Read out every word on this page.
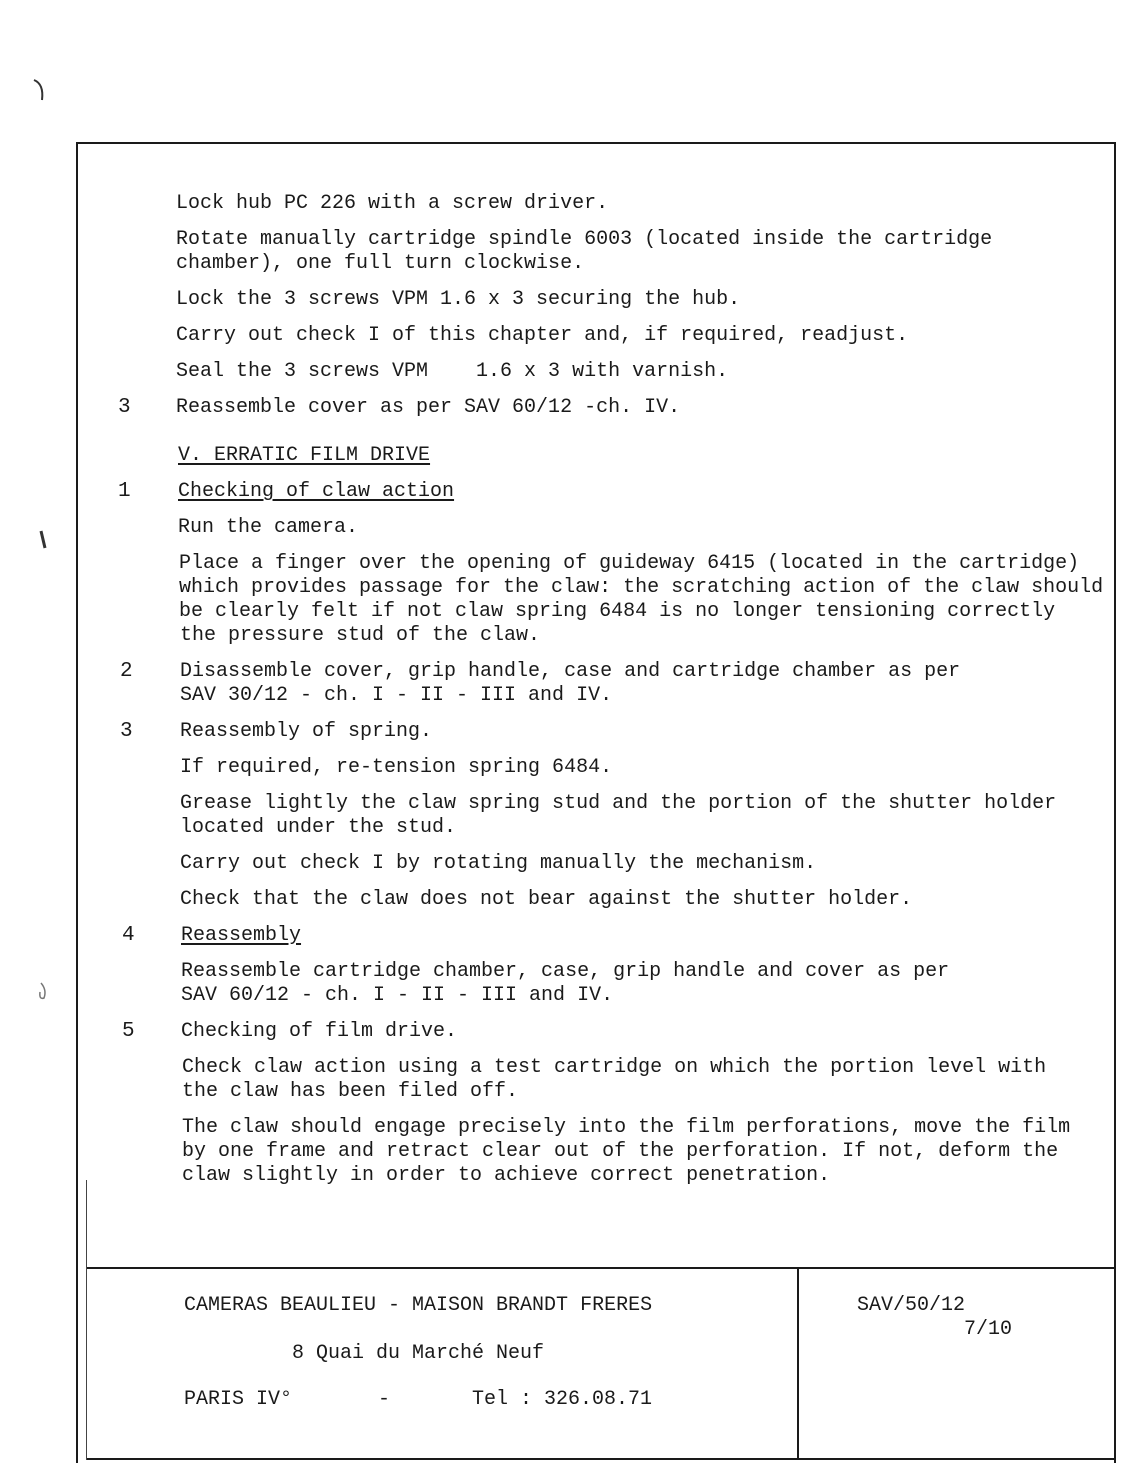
Lock hub PC 226 with a screw driver.
Rotate manually cartridge spindle 6003 (located inside the cartridge
chamber), one full turn clockwise.
Lock the 3 screws VPM 1.6 x 3 securing the hub.
Carry out check I of this chapter and, if required, readjust.
Seal the 3 screws VPM    1.6 x 3 with varnish.
3 Reassemble cover as per SAV 60/12 -ch. IV.
V. ERRATIC FILM DRIVE
1 Checking of claw action
Run the camera.
Place a finger over the opening of guideway 6415 (located in the cartridge)
which provides passage for the claw: the scratching action of the claw should
be clearly felt if not claw spring 6484 is no longer tensioning correctly
the pressure stud of the claw.
2 Disassemble cover, grip handle, case and cartridge chamber as per
SAV 30/12 - ch. I - II - III and IV.
3 Reassembly of spring.
If required, re-tension spring 6484.
Grease lightly the claw spring stud and the portion of the shutter holder
located under the stud.
Carry out check I by rotating manually the mechanism.
Check that the claw does not bear against the shutter holder.
4 Reassembly
Reassemble cartridge chamber, case, grip handle and cover as per
SAV 60/12 - ch. I - II - III and IV.
5 Checking of film drive.
Check claw action using a test cartridge on which the portion level with
the claw has been filed off.
The claw should engage precisely into the film perforations, move the film
by one frame and retract clear out of the perforation. If not, deform the
claw slightly in order to achieve correct penetration.
CAMERAS BEAULIEU - MAISON BRANDT FRERES
8 Quai du Marché Neuf
PARIS IV°	-	Tel : 326.08.71
SAV/50/12
7/10
